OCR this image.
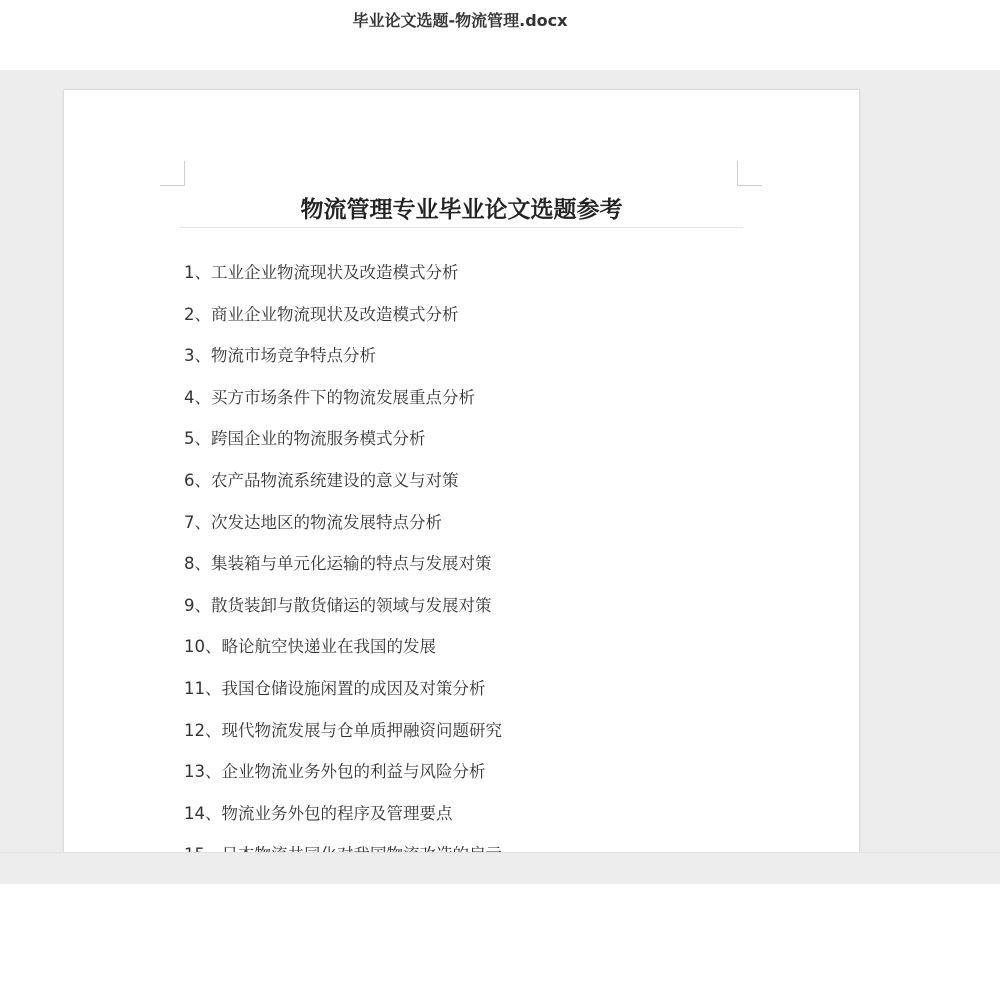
毕业论文选题-物流管理.docx
物流管理专业毕业论文选题参考
1、工业企业物流现状及改造模式分析
2、商业企业物流现状及改造模式分析
3、物流市场竞争特点分析
4、买方市场条件下的物流发展重点分析
5、跨国企业的物流服务模式分析
6、农产品物流系统建设的意义与对策
7、次发达地区的物流发展特点分析
8、集装箱与单元化运输的特点与发展对策
9、散货装卸与散货储运的领域与发展对策
10、略论航空快递业在我国的发展
11、我国仓储设施闲置的成因及对策分析
12、现代物流发展与仓单质押融资问题研究
13、企业物流业务外包的利益与风险分析
14、物流业务外包的程序及管理要点
